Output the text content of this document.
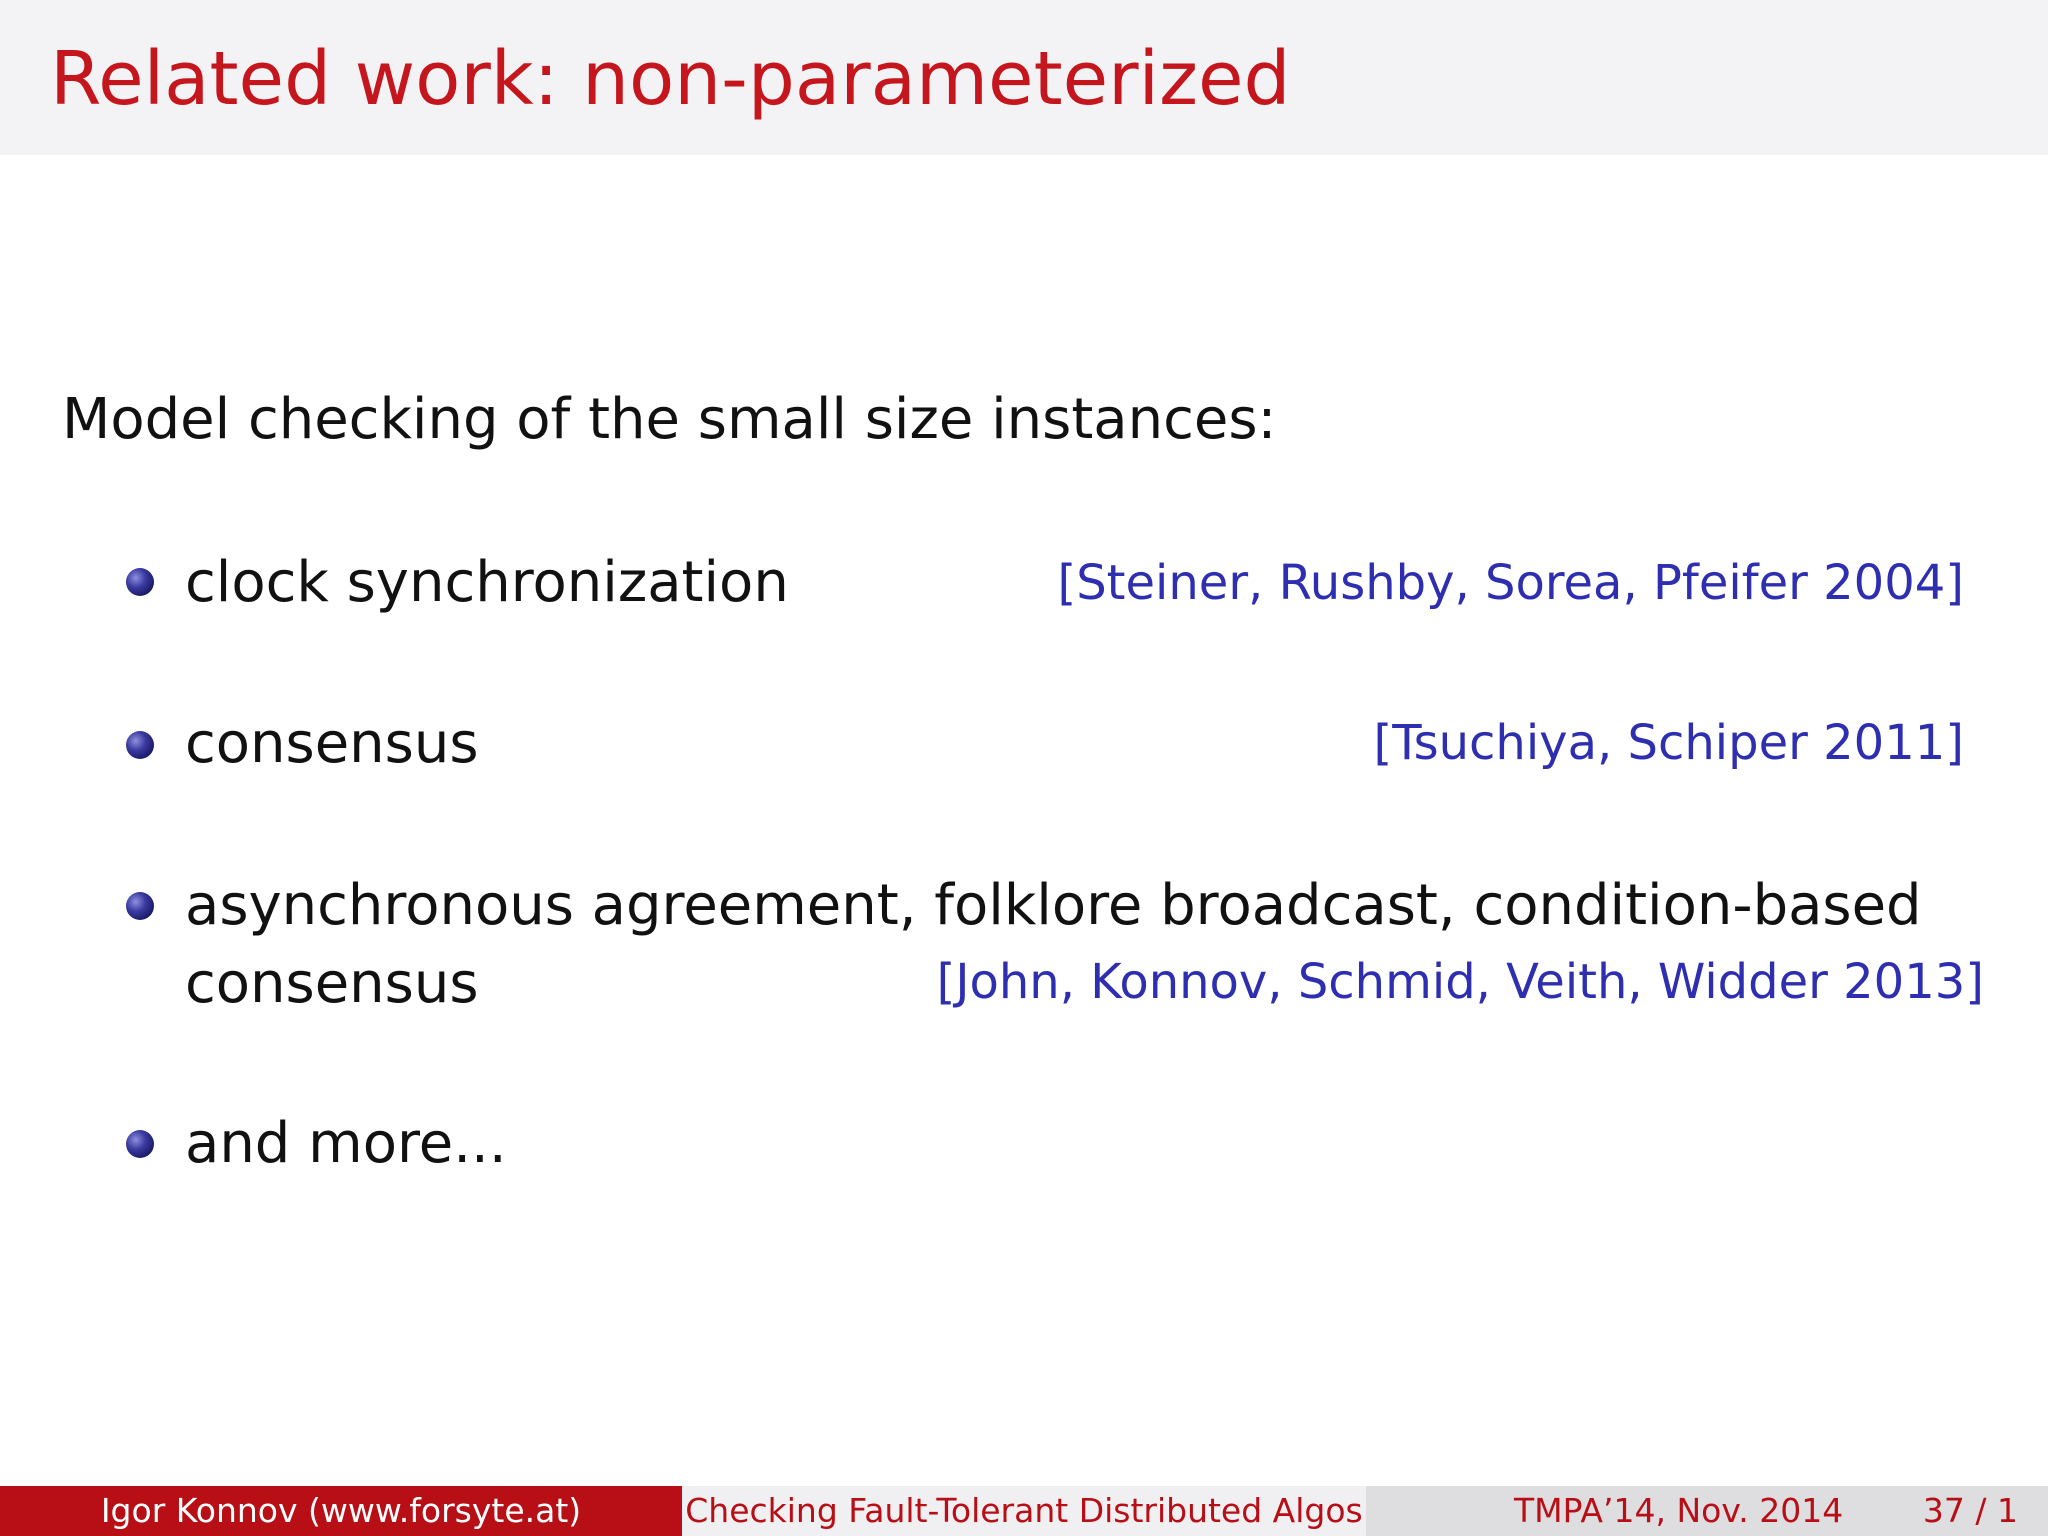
Related work: non-parameterized
Model checking of the small size instances:
clock synchronization	[Steiner, Rushby, Sorea, Pfeifer 2004]
consensus	[Tsuchiya, Schiper 2011]
asynchronous agreement, folklore broadcast, condition-based
consensus	[John, Konnov, Schmid, Veith, Widder 2013]
and more...
Igor Konnov (www.forsyte.at)	Checking Fault-Tolerant Distributed Algos	TMPA’14, Nov. 2014 37 / 1
